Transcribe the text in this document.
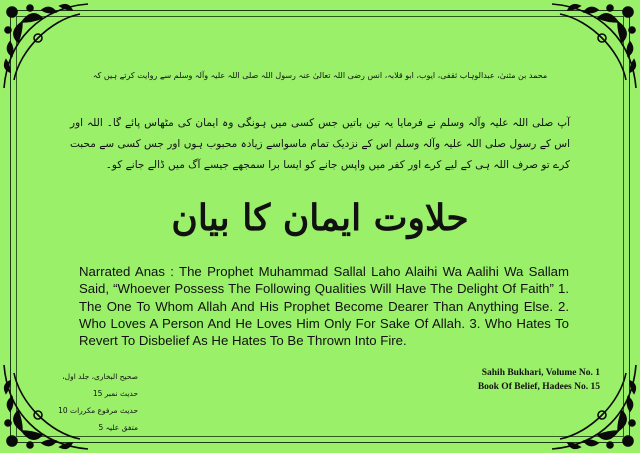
محمد بن مثنیٰ، عبدالوہاب ثقفی، ایوب، ابو قلابہ، انس رضی اللہ تعالیٰ عنہ رسول اللہ صلی اللہ علیہ وآلہ وسلم سے روایت کرتے ہیں کہ
آپ صلی اللہ علیہ وآلہ وسلم نے فرمایا یہ تین باتیں جس کسی میں ہونگی وہ ایمان کی مٹھاس پائے گا۔ اللہ اور اس کے رسول صلی اللہ علیہ وآلہ وسلم اس کے نزدیک تمام ماسواسے زیادہ محبوب ہوں اور جس کسی سے محبت کرے تو صرف اللہ ہی کے لیے کرے اور کفر میں واپس جانے کو ایسا برا سمجھے جیسے آگ میں ڈالے جانے کو۔
حلاوت ایمان کا بیان
Narrated Anas : The Prophet Muhammad Sallal Laho Alaihi Wa Aalihi Wa Sallam Said, “Whoever Possess The Following Qualities Will Have The Delight Of Faith” 1. The One To Whom Allah And His Prophet Become Dearer Than Anything Else. 2. Who Loves A Person And He Loves Him Only For Sake Of Allah. 3. Who Hates To Revert To Disbelief As He Hates To Be Thrown Into Fire.
صحیح البخاری، جلد اول، حدیث نمبر 15
حدیث مرفوع مکررات 10 متفق علیہ 5
Sahih Bukhari, Volume No. 1
Book Of Belief, Hadees No. 15
